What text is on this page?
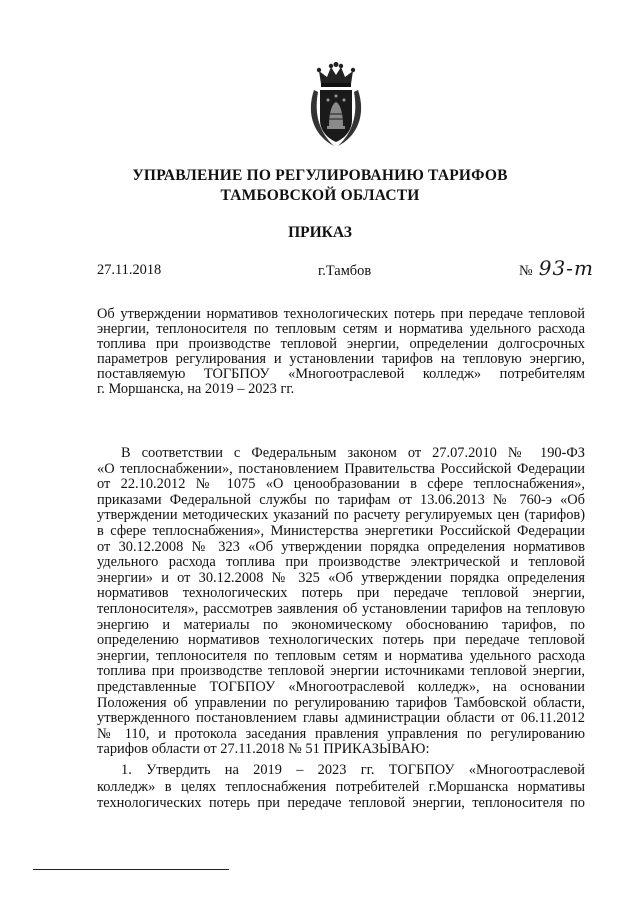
УПРАВЛЕНИЕ ПО РЕГУЛИРОВАНИЮ ТАРИФОВ
ТАМБОВСКОЙ ОБЛАСТИ
ПРИКАЗ
27.11.2018	г.Тамбов	№ 93-т
Об утверждении нормативов технологических потерь при передаче тепловой
энергии, теплоносителя по тепловым сетям и норматива удельного расхода
топлива при производстве тепловой энергии, определении долгосрочных
параметров регулирования и установлении тарифов на тепловую энергию,
поставляемую ТОГБПОУ «Многоотраслевой колледж» потребителям
г. Моршанска, на 2019 – 2023 гг.
В соответствии с Федеральным законом от 27.07.2010 № 190-ФЗ
«О теплоснабжении», постановлением Правительства Российской Федерации
от 22.10.2012 № 1075 «О ценообразовании в сфере теплоснабжения»,
приказами Федеральной службы по тарифам от 13.06.2013 № 760-э «Об
утверждении методических указаний по расчету регулируемых цен (тарифов)
в сфере теплоснабжения», Министерства энергетики Российской Федерации
от 30.12.2008 № 323 «Об утверждении порядка определения нормативов
удельного расхода топлива при производстве электрической и тепловой
энергии» и от 30.12.2008 № 325 «Об утверждении порядка определения
нормативов технологических потерь при передаче тепловой энергии,
теплоносителя», рассмотрев заявления об установлении тарифов на тепловую
энергию и материалы по экономическому обоснованию тарифов, по
определению нормативов технологических потерь при передаче тепловой
энергии, теплоносителя по тепловым сетям и норматива удельного расхода
топлива при производстве тепловой энергии источниками тепловой энергии,
представленные ТОГБПОУ «Многоотраслевой колледж», на основании
Положения об управлении по регулированию тарифов Тамбовской области,
утвержденного постановлением главы администрации области от 06.11.2012
№ 110, и протокола заседания правления управления по регулированию
тарифов области от 27.11.2018 № 51 ПРИКАЗЫВАЮ:
1. Утвердить на 2019 – 2023 гг. ТОГБПОУ «Многоотраслевой
колледж» в целях теплоснабжения потребителей г.Моршанска нормативы
технологических потерь при передаче тепловой энергии, теплоносителя по
